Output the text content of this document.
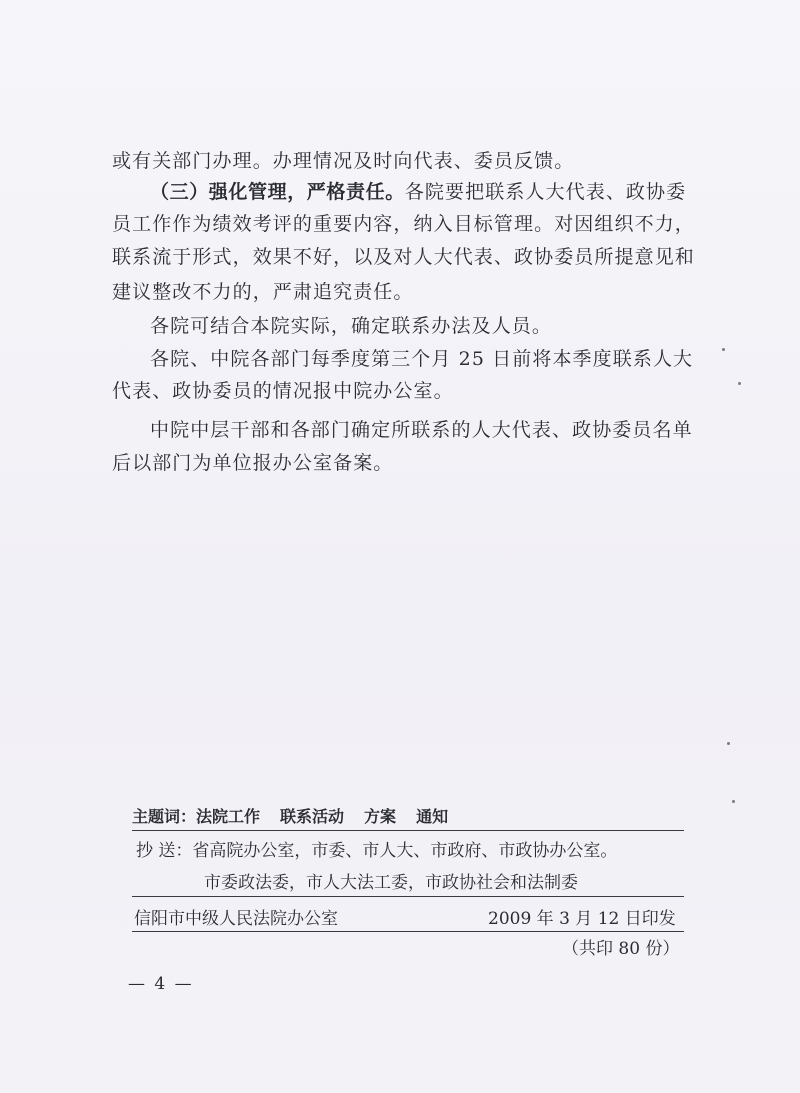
或有关部门办理。办理情况及时向代表、委员反馈。
（三）强化管理，严格责任。各院要把联系人大代表、政协委
员工作作为绩效考评的重要内容，纳入目标管理。对因组织不力，
联系流于形式，效果不好，以及对人大代表、政协委员所提意见和
建议整改不力的，严肃追究责任。
各院可结合本院实际，确定联系办法及人员。
各院、中院各部门每季度第三个月 25 日前将本季度联系人大
代表、政协委员的情况报中院办公室。
中院中层干部和各部门确定所联系的人大代表、政协委员名单
后以部门为单位报办公室备案。
主题词：法院工作 联系活动 方案 通知
抄 送：省高院办公室，市委、市人大、市政府、市政协办公室。
市委政法委，市人大法工委，市政协社会和法制委
信阳市中级人民法院办公室	2009 年 3 月 12 日印发
（共印 80 份）
— 4 —
